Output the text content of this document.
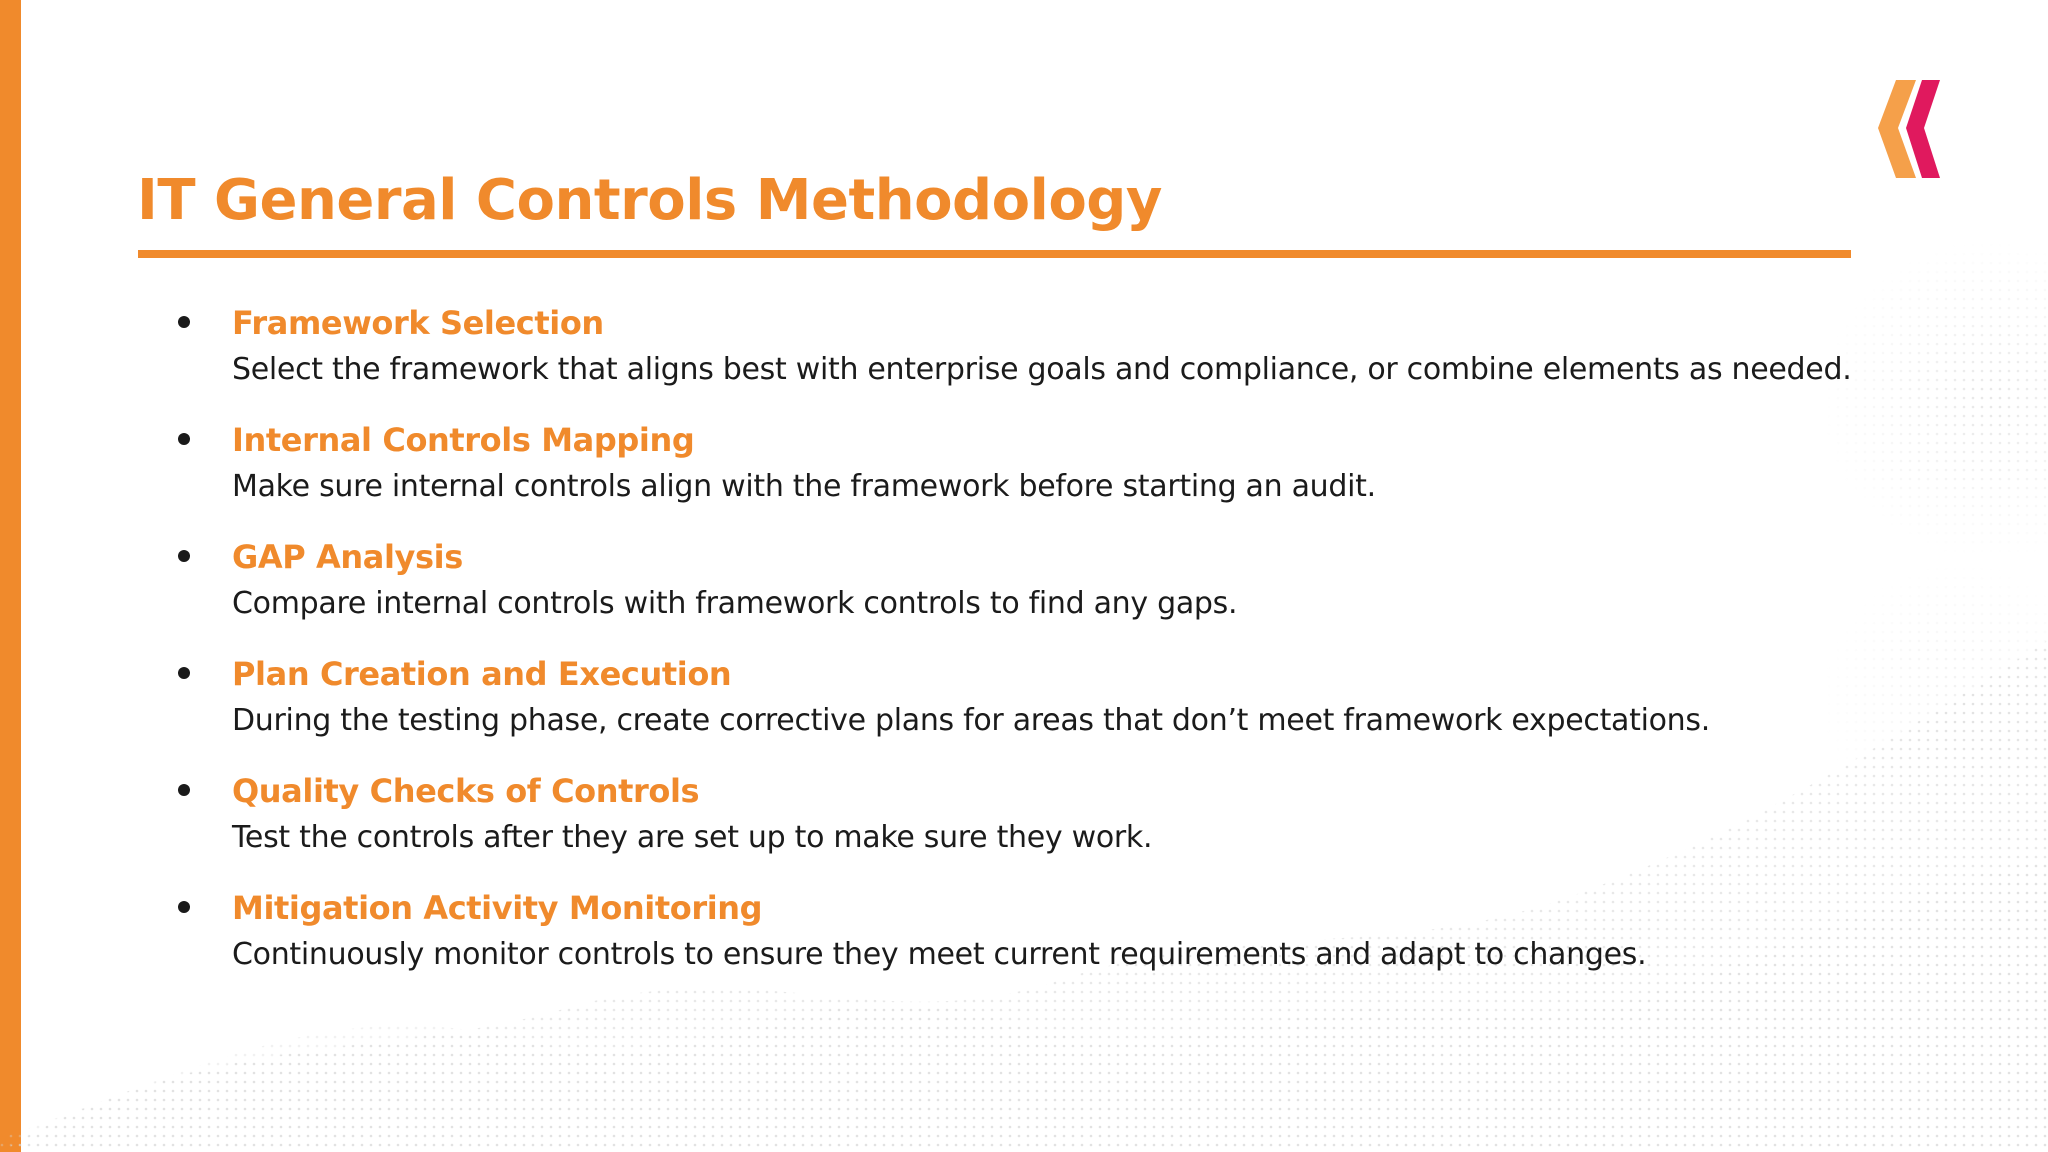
IT General Controls Methodology
Framework Selection
Select the framework that aligns best with enterprise goals and compliance, or combine elements as needed.
Internal Controls Mapping
Make sure internal controls align with the framework before starting an audit.
GAP Analysis
Compare internal controls with framework controls to find any gaps.
Plan Creation and Execution
During the testing phase, create corrective plans for areas that don’t meet framework expectations.
Quality Checks of Controls
Test the controls after they are set up to make sure they work.
Mitigation Activity Monitoring
Continuously monitor controls to ensure they meet current requirements and adapt to changes.
